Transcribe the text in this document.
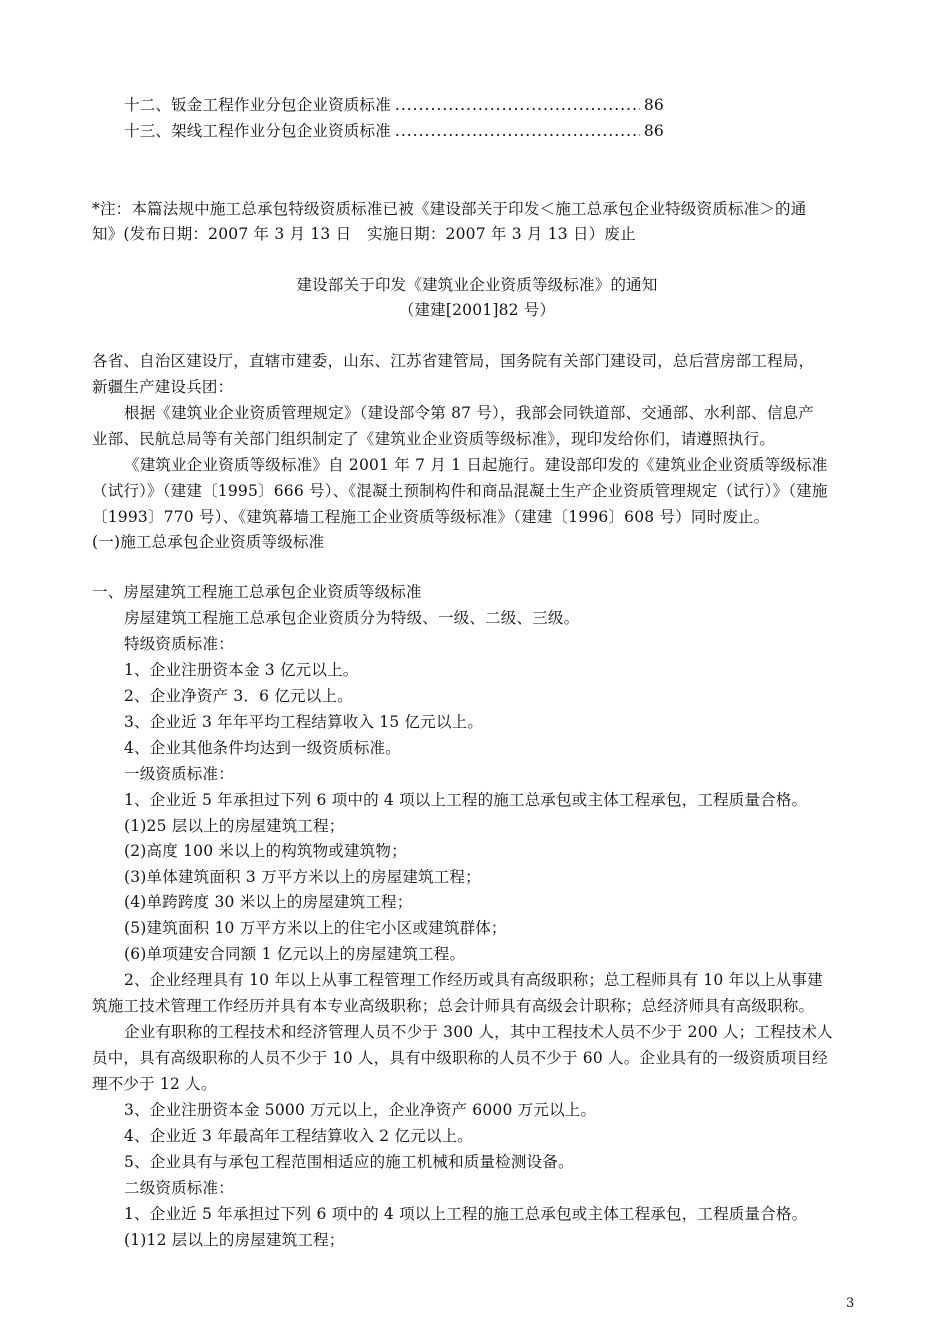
十二、钣金工程作业分包企业资质标准 .....	86
十三、架线工程作业分包企业资质标准 .....	86
*注：本篇法规中施工总承包特级资质标准已被《建设部关于印发＜施工总承包企业特级资质标准＞的通
知》(发布日期：2007 年 3 月 13 日　实施日期：2007 年 3 月 13 日）废止
建设部关于印发《建筑业企业资质等级标准》的通知
（建建[2001]82 号）
各省、自治区建设厅，直辖市建委，山东、江苏省建管局，国务院有关部门建设司，总后营房部工程局，
新疆生产建设兵团：
根据《建筑业企业资质管理规定》（建设部令第 87 号），我部会同铁道部、交通部、水利部、信息产
业部、民航总局等有关部门组织制定了《建筑业企业资质等级标准》，现印发给你们，请遵照执行。
《建筑业企业资质等级标准》自 2001 年 7 月 1 日起施行。建设部印发的《建筑业企业资质等级标准
（试行）》（建建〔1995〕666 号）、《混凝土预制构件和商品混凝土生产企业资质管理规定（试行）》（建施
〔1993〕770 号）、《建筑幕墙工程施工企业资质等级标准》（建建〔1996〕608 号）同时废止。
(一)施工总承包企业资质等级标准
一、房屋建筑工程施工总承包企业资质等级标准
房屋建筑工程施工总承包企业资质分为特级、一级、二级、三级。
特级资质标准：
1、企业注册资本金 3 亿元以上。
2、企业净资产 3．6 亿元以上。
3、企业近 3 年年平均工程结算收入 15 亿元以上。
4、企业其他条件均达到一级资质标准。
一级资质标准：
1、企业近 5 年承担过下列 6 项中的 4 项以上工程的施工总承包或主体工程承包，工程质量合格。
(1)25 层以上的房屋建筑工程；
(2)高度 100 米以上的构筑物或建筑物；
(3)单体建筑面积 3 万平方米以上的房屋建筑工程；
(4)单跨跨度 30 米以上的房屋建筑工程；
(5)建筑面积 10 万平方米以上的住宅小区或建筑群体；
(6)单项建安合同额 1 亿元以上的房屋建筑工程。
2、企业经理具有 10 年以上从事工程管理工作经历或具有高级职称；总工程师具有 10 年以上从事建
筑施工技术管理工作经历并具有本专业高级职称；总会计师具有高级会计职称；总经济师具有高级职称。
企业有职称的工程技术和经济管理人员不少于 300 人，其中工程技术人员不少于 200 人；工程技术人
员中，具有高级职称的人员不少于 10 人，具有中级职称的人员不少于 60 人。企业具有的一级资质项目经
理不少于 12 人。
3、企业注册资本金 5000 万元以上，企业净资产 6000 万元以上。
4、企业近 3 年最高年工程结算收入 2 亿元以上。
5、企业具有与承包工程范围相适应的施工机械和质量检测设备。
二级资质标准：
1、企业近 5 年承担过下列 6 项中的 4 项以上工程的施工总承包或主体工程承包，工程质量合格。
(1)12 层以上的房屋建筑工程；
3
